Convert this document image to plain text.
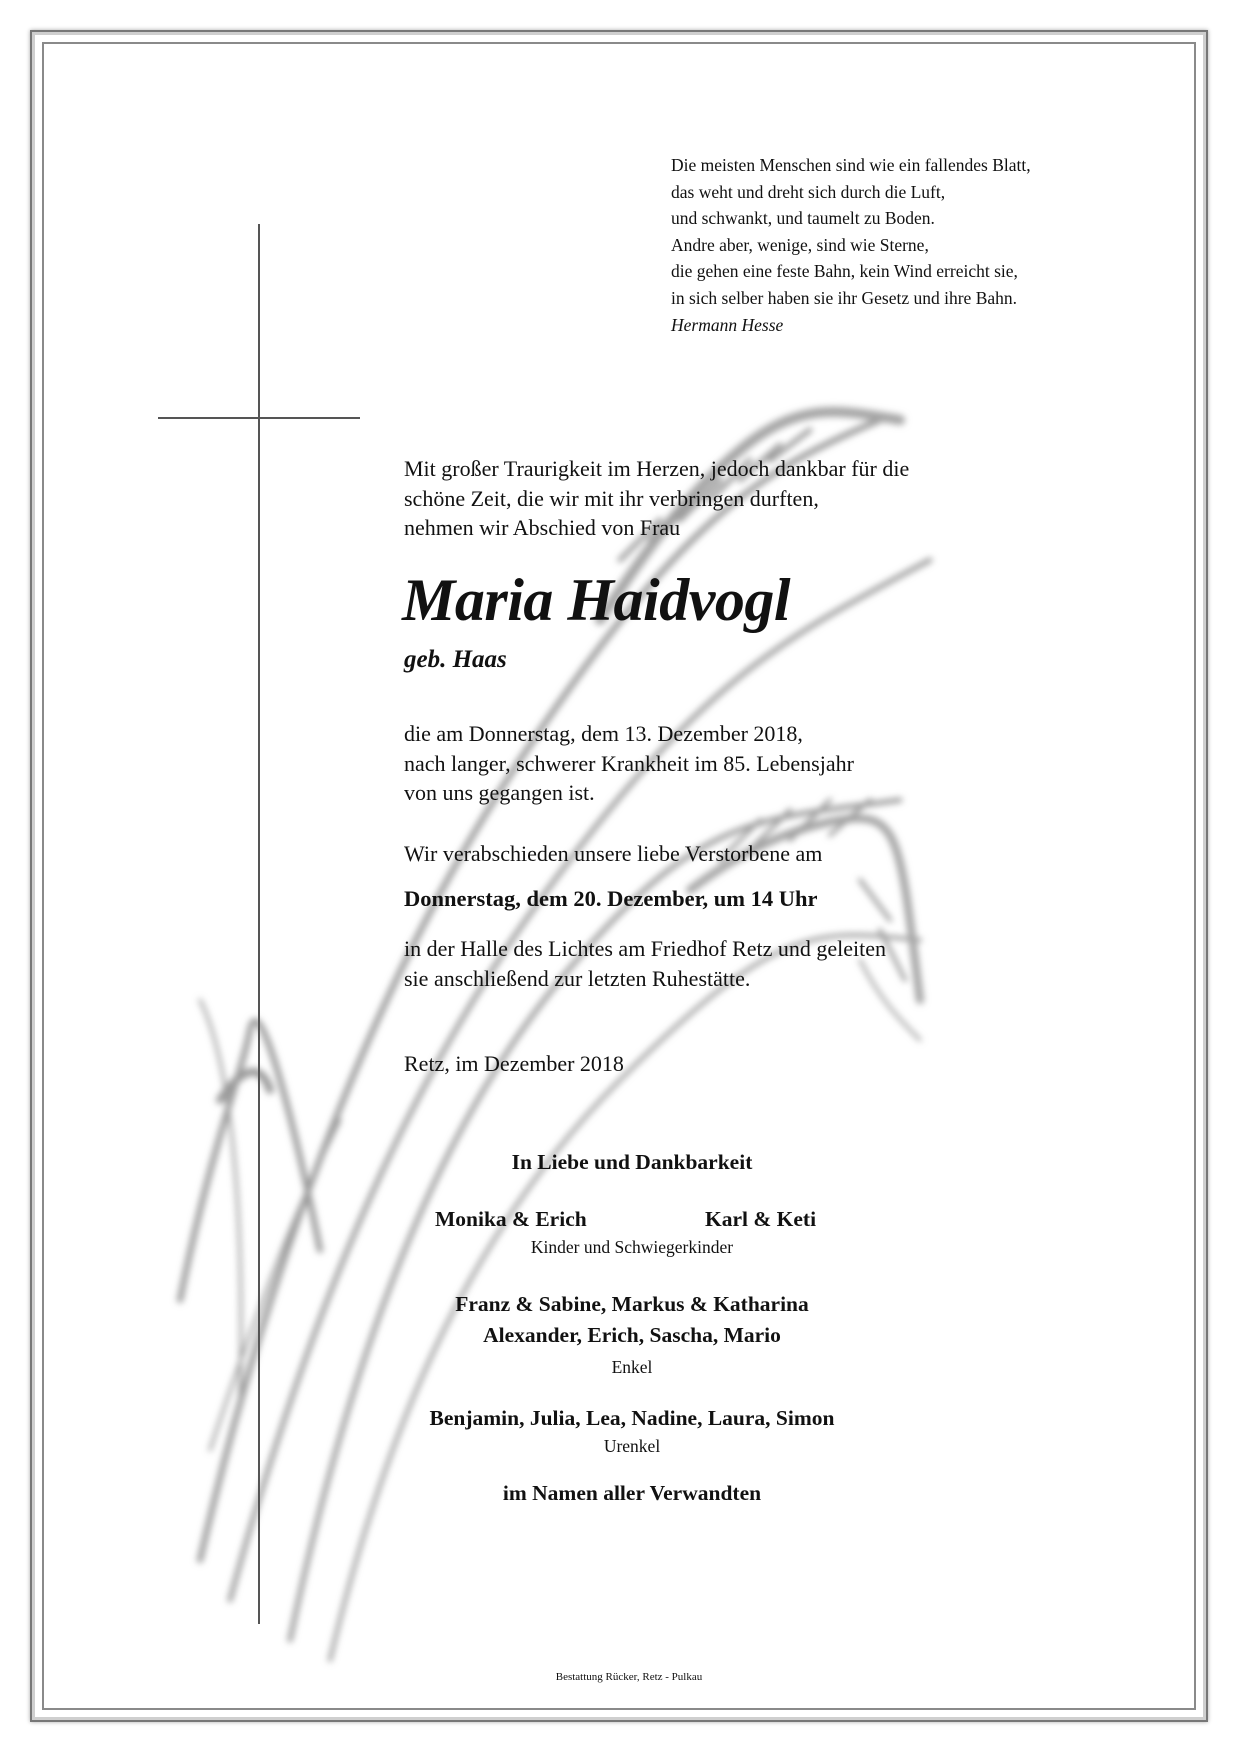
Die meisten Menschen sind wie ein fallendes Blatt,
das weht und dreht sich durch die Luft,
und schwankt, und taumelt zu Boden.
Andre aber, wenige, sind wie Sterne,
die gehen eine feste Bahn, kein Wind erreicht sie,
in sich selber haben sie ihr Gesetz und ihre Bahn.
Hermann Hesse
Mit großer Traurigkeit im Herzen, jedoch dankbar für die
schöne Zeit, die wir mit ihr verbringen durften,
nehmen wir Abschied von Frau
Maria Haidvogl
geb. Haas
die am Donnerstag, dem 13. Dezember 2018,
nach langer, schwerer Krankheit im 85. Lebensjahr
von uns gegangen ist.
Wir verabschieden unsere liebe Verstorbene am
Donnerstag, dem 20. Dezember, um 14 Uhr
in der Halle des Lichtes am Friedhof Retz und geleiten
sie anschließend zur letzten Ruhestätte.
Retz, im Dezember 2018
In Liebe und Dankbarkeit
Monika & Erich	Karl & Keti
Kinder und Schwiegerkinder
Franz & Sabine, Markus & Katharina
Alexander, Erich, Sascha, Mario
Enkel
Benjamin, Julia, Lea, Nadine, Laura, Simon
Urenkel
im Namen aller Verwandten
Bestattung Rücker, Retz - Pulkau
